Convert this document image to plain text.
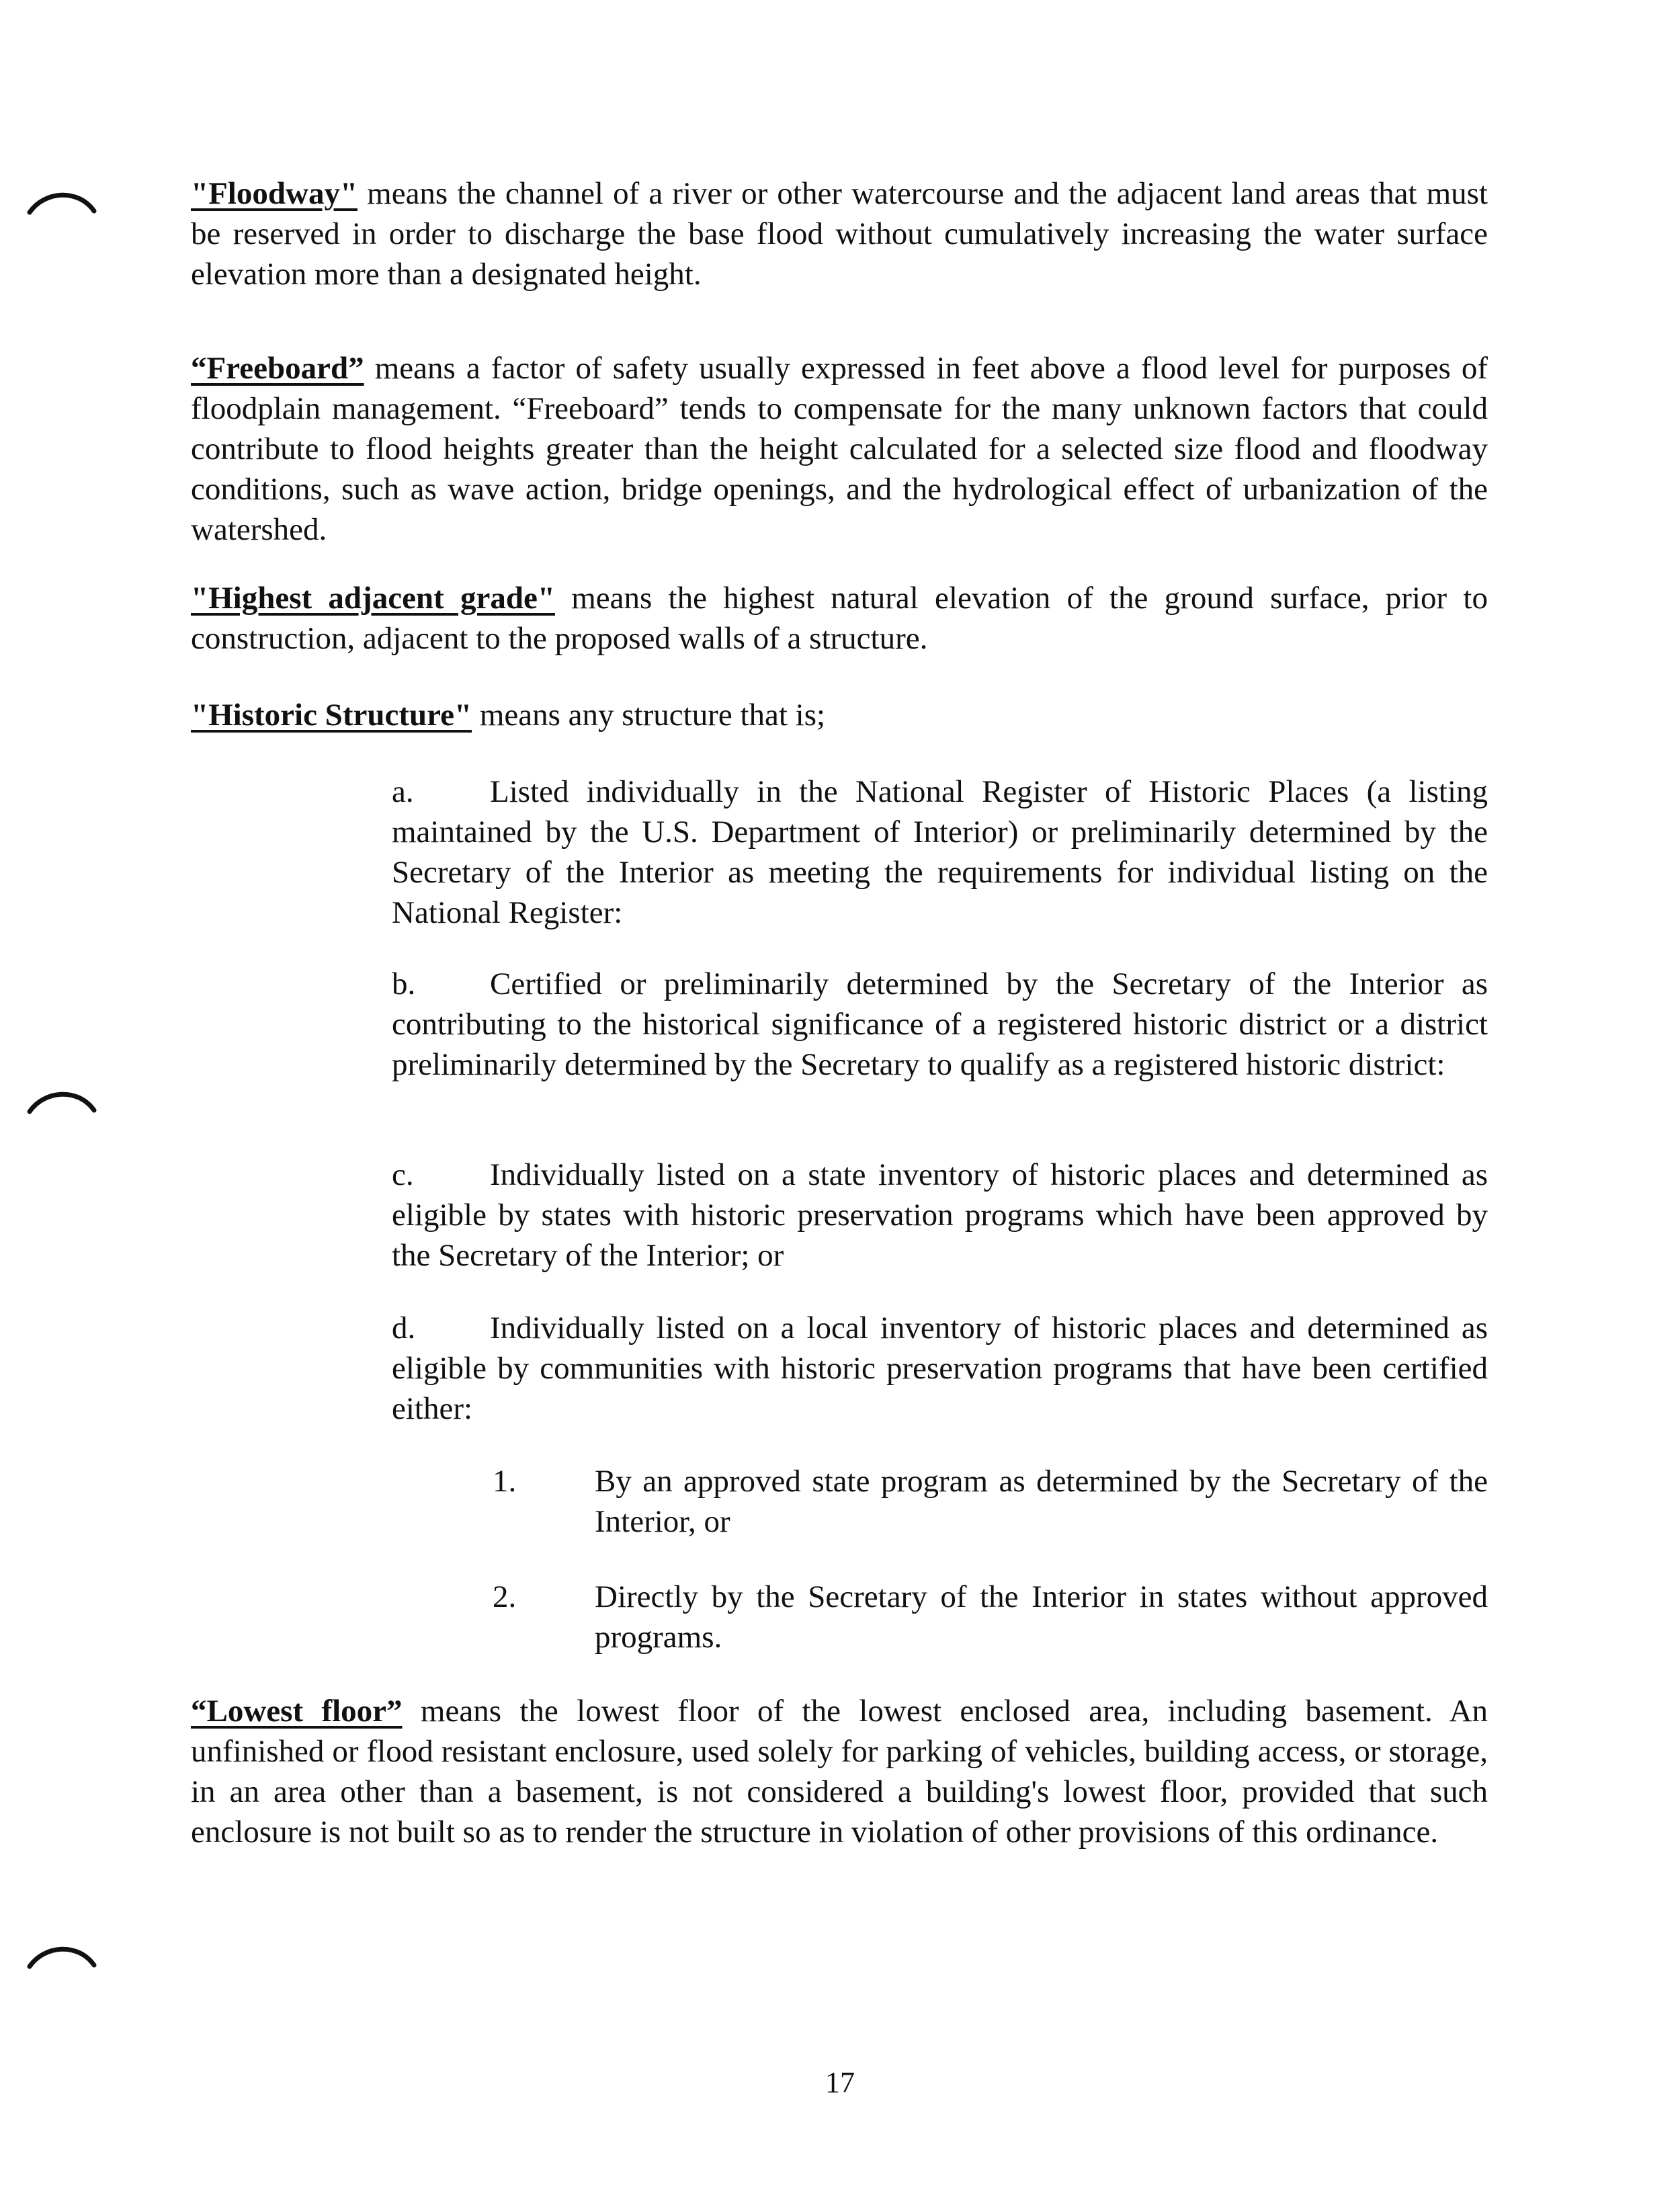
"Floodway" means the channel of a river or other watercourse and the adjacent land areas that must be reserved in order to discharge the base flood without cumulatively increasing the water surface elevation more than a designated height.

“Freeboard” means a factor of safety usually expressed in feet above a flood level for purposes of floodplain management. “Freeboard” tends to compensate for the many unknown factors that could contribute to flood heights greater than the height calculated for a selected size flood and floodway conditions, such as wave action, bridge openings, and the hydrological effect of urbanization of the watershed.

"Highest adjacent grade" means the highest natural elevation of the ground surface, prior to construction, adjacent to the proposed walls of a structure.

"Historic Structure" means any structure that is;

a. Listed individually in the National Register of Historic Places (a listing maintained by the U.S. Department of Interior) or preliminarily determined by the Secretary of the Interior as meeting the requirements for individual listing on the National Register:

b. Certified or preliminarily determined by the Secretary of the Interior as contributing to the historical significance of a registered historic district or a district preliminarily determined by the Secretary to qualify as a registered historic district:

c. Individually listed on a state inventory of historic places and determined as eligible by states with historic preservation programs which have been approved by the Secretary of the Interior; or

d. Individually listed on a local inventory of historic places and determined as eligible by communities with historic preservation programs that have been certified either:

1. By an approved state program as determined by the Secretary of the Interior, or
2. Directly by the Secretary of the Interior in states without approved programs.

“Lowest floor” means the lowest floor of the lowest enclosed area, including basement. An unfinished or flood resistant enclosure, used solely for parking of vehicles, building access, or storage, in an area other than a basement, is not considered a building's lowest floor, provided that such enclosure is not built so as to render the structure in violation of other provisions of this ordinance.

17
